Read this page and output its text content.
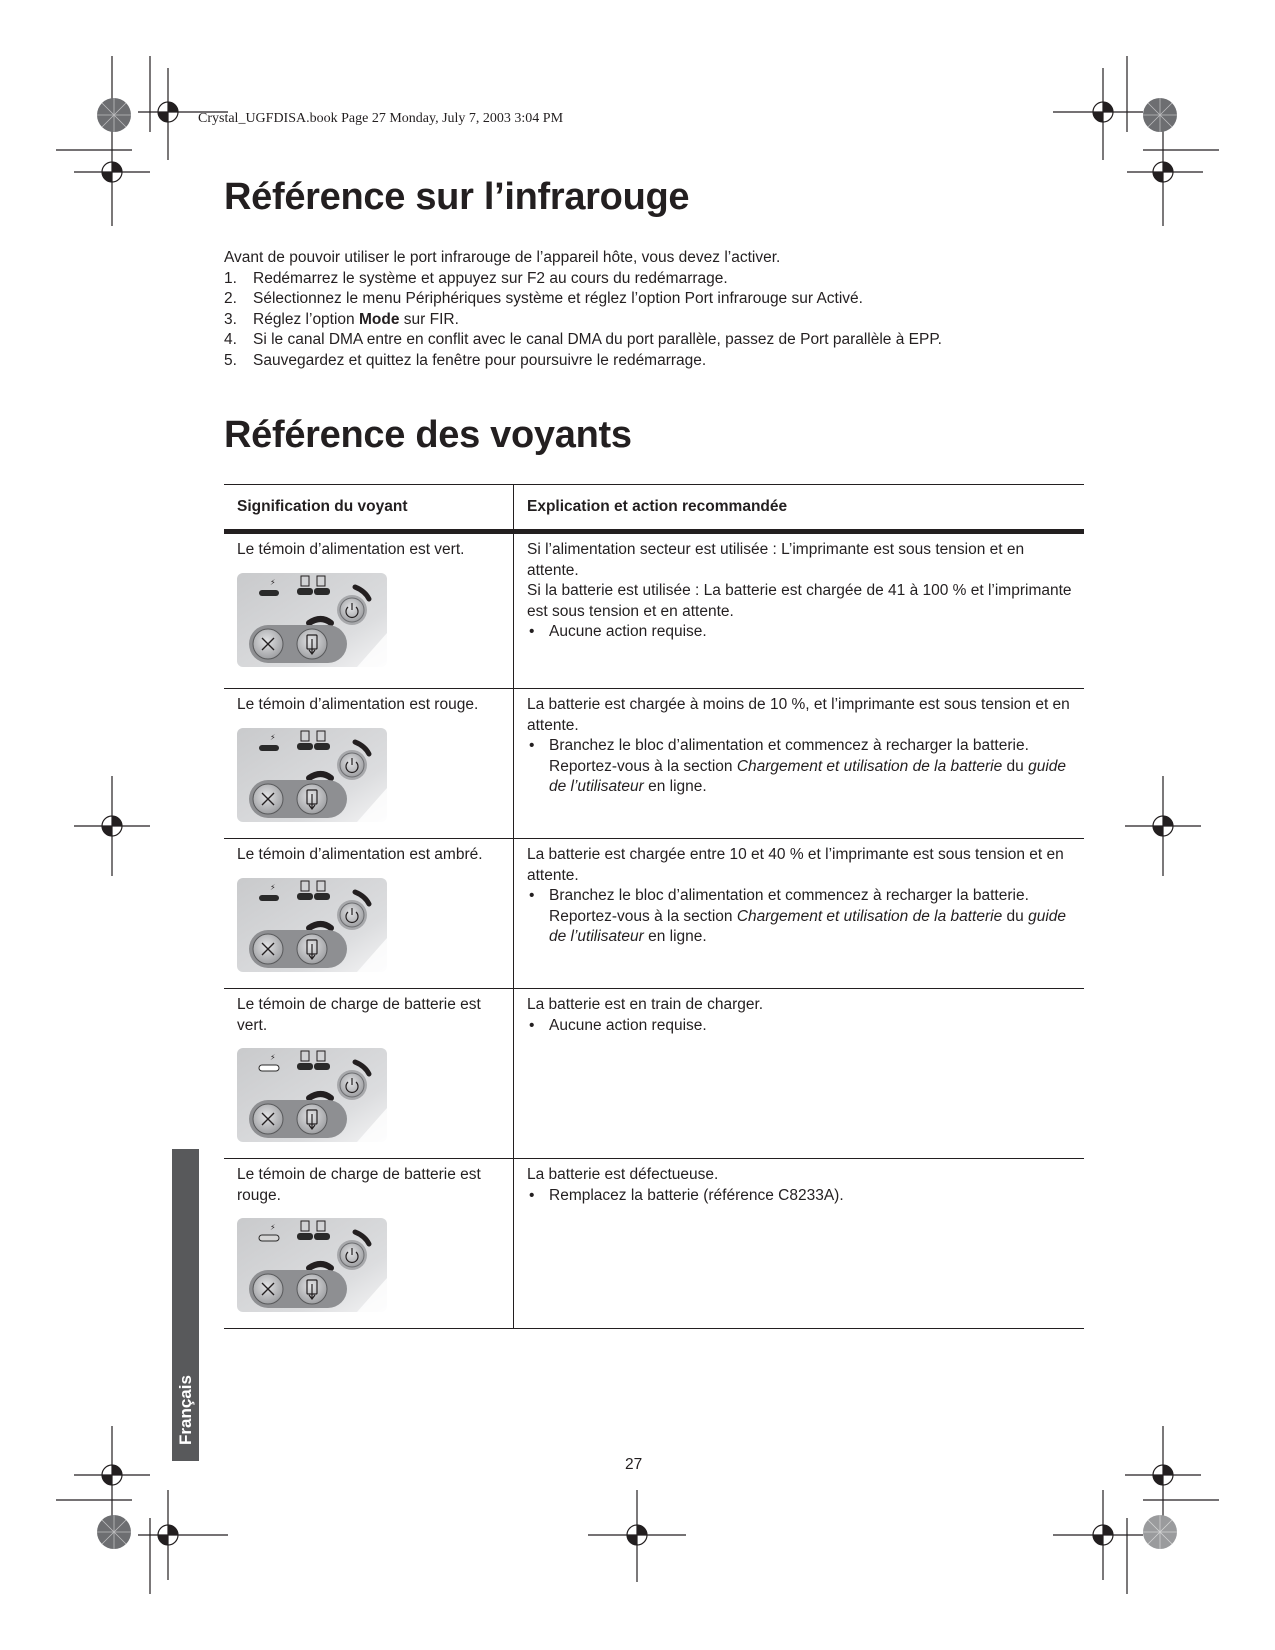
Crystal_UGFDISA.book Page 27 Monday, July 7, 2003 3:04 PM
Référence sur l’infrarouge

Avant de pouvoir utiliser le port infrarouge de l’appareil hôte, vous devez l’activer.

1. Redémarrez le système et appuyez sur F2 au cours du redémarrage.
2. Sélectionnez le menu Périphériques système et réglez l’option Port infrarouge sur Activé.
3. Réglez l’option Mode sur FIR.
4. Si le canal DMA entre en conflit avec le canal DMA du port parallèle, passez de Port parallèle à EPP.
5. Sauvegardez et quittez la fenêtre pour poursuivre le redémarrage.
Référence des voyants
Signification du voyant	Explication et action recommandée
Le témoin d’alimentation est vert.
⚡

Si l’alimentation secteur est utilisée : L’imprimante est sous tension et en attente.

Si la batterie est utilisée : La batterie est chargée de 41 à 100 % et l’imprimante est sous tension et en attente.

• Aucune action requise.
Le témoin d’alimentation est rouge.
⚡

La batterie est chargée à moins de 10 %, et l’imprimante est sous tension et en attente.

• Branchez le bloc d’alimentation et commencez à recharger la batterie. Reportez-vous à la section Chargement et utilisation de la batterie du guide de l’utilisateur en ligne.
Le témoin d’alimentation est ambré.
⚡

La batterie est chargée entre 10 et 40 % et l’imprimante est sous tension et en attente.

• Branchez le bloc d’alimentation et commencez à recharger la batterie. Reportez-vous à la section Chargement et utilisation de la batterie du guide de l’utilisateur en ligne.
Le témoin de charge de batterie est vert.
⚡

La batterie est en train de charger.

• Aucune action requise.
Le témoin de charge de batterie est rouge.
⚡

La batterie est défectueuse.

• Remplacez la batterie (référence C8233A).
Français
27
